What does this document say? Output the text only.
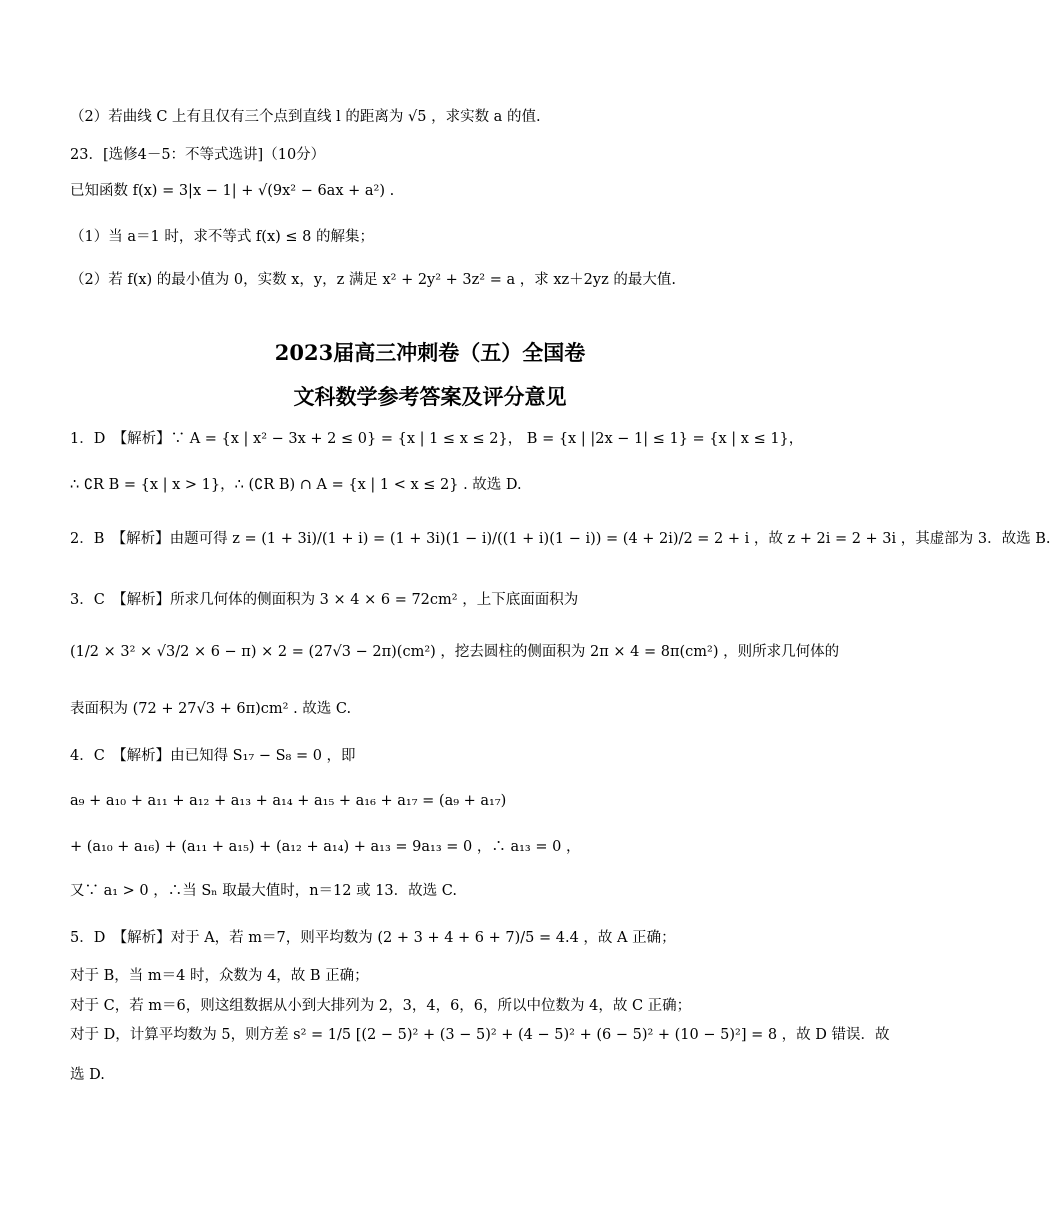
2023届高三冲刺卷（五）全国卷
文科数学参考答案及评分意见
（2）若曲线 C 上有且仅有三个点到直线 l 的距离为 √5 ，求实数 a 的值.
23．[选修4－5：不等式选讲]（10分）
已知函数 f(x) = 3|x − 1| + √(9x² − 6ax + a²) .
（1）当 a＝1 时，求不等式 f(x) ≤ 8 的解集；
（2）若 f(x) 的最小值为 0，实数 x，y，z 满足 x² + 2y² + 3z² = a ，求 xz＋2yz 的最大值.
1．D　【解析】∵ A = {x | x² − 3x + 2 ≤ 0} = {x | 1 ≤ x ≤ 2}， B = {x | |2x − 1| ≤ 1} = {x | x ≤ 1}，
∴ ∁R B = {x | x > 1}，∴ (∁R B) ∩ A = {x | 1 < x ≤ 2} . 故选 D.
2．B　【解析】由题可得 z = (1 + 3i)/(1 + i) = (1 + 3i)(1 − i)/((1 + i)(1 − i)) = (4 + 2i)/2 = 2 + i ，故 z + 2i = 2 + 3i ，其虚部为 3．故选 B.
3．C　【解析】所求几何体的侧面积为 3 × 4 × 6 = 72cm² ，上下底面面积为
(1/2 × 3² × √3/2 × 6 − π) × 2 = (27√3 − 2π)(cm²) ，挖去圆柱的侧面积为 2π × 4 = 8π(cm²) ，则所求几何体的
表面积为 (72 + 27√3 + 6π)cm² . 故选 C.
4．C　【解析】由已知得 S₁₇ − S₈ = 0 ，即
a₉ + a₁₀ + a₁₁ + a₁₂ + a₁₃ + a₁₄ + a₁₅ + a₁₆ + a₁₇ = (a₉ + a₁₇)
+ (a₁₀ + a₁₆) + (a₁₁ + a₁₅) + (a₁₂ + a₁₄) + a₁₃ = 9a₁₃ = 0 ，∴ a₁₃ = 0 ，
又∵ a₁ > 0 ，∴当 Sₙ 取最大值时，n＝12 或 13．故选 C.
5．D　【解析】对于 A，若 m＝7，则平均数为 (2 + 3 + 4 + 6 + 7)/5 = 4.4 ，故 A 正确；
对于 B，当 m＝4 时，众数为 4，故 B 正确；
对于 C，若 m＝6，则这组数据从小到大排列为 2，3，4，6，6，所以中位数为 4，故 C 正确；
对于 D，计算平均数为 5，则方差 s² = 1/5 [(2 − 5)² + (3 − 5)² + (4 − 5)² + (6 − 5)² + (10 − 5)²] = 8 ，故 D 错误．故
选 D.
